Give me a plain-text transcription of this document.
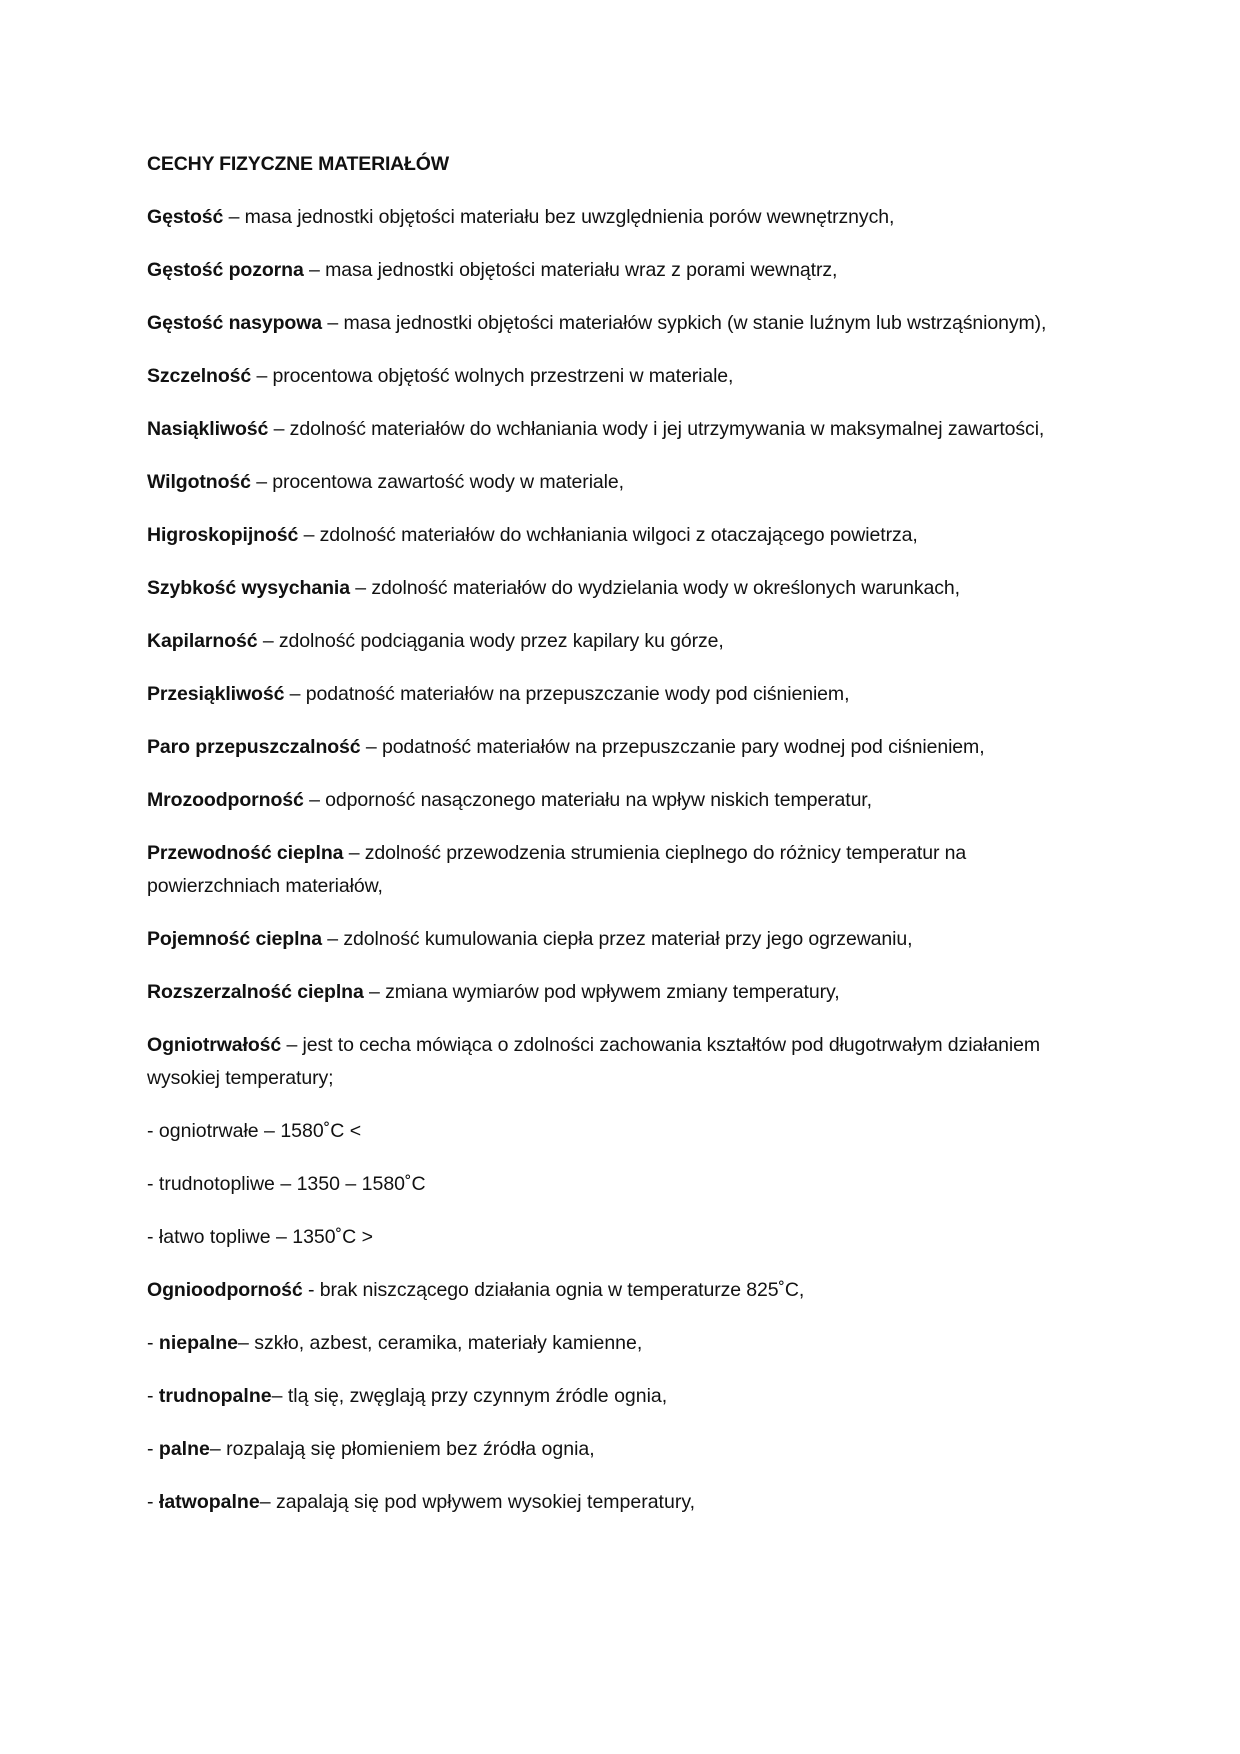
CECHY FIZYCZNE MATERIAŁÓW
Gęstość – masa jednostki objętości materiału bez uwzględnienia porów wewnętrznych,
Gęstość pozorna – masa jednostki objętości materiału wraz z porami wewnątrz,
Gęstość nasypowa – masa jednostki objętości materiałów sypkich (w stanie luźnym lub wstrząśnionym),
Szczelność – procentowa objętość wolnych przestrzeni w materiale,
Nasiąkliwość – zdolność materiałów do wchłaniania wody i jej utrzymywania w maksymalnej zawartości,
Wilgotność – procentowa zawartość wody w materiale,
Higroskopijność – zdolność materiałów do wchłaniania wilgoci z otaczającego powietrza,
Szybkość wysychania – zdolność materiałów do wydzielania wody w określonych warunkach,
Kapilarność – zdolność podciągania wody przez kapilary ku górze,
Przesiąkliwość – podatność materiałów na przepuszczanie wody pod ciśnieniem,
Paro przepuszczalność – podatność materiałów na przepuszczanie pary wodnej pod ciśnieniem,
Mrozoodporność – odporność nasączonego materiału na wpływ niskich temperatur,
Przewodność cieplna – zdolność przewodzenia strumienia cieplnego do różnicy temperatur na powierzchniach materiałów,
Pojemność cieplna – zdolność kumulowania ciepła przez materiał przy jego ogrzewaniu,
Rozszerzalność cieplna – zmiana wymiarów pod wpływem zmiany temperatury,
Ogniotrwałość – jest to cecha mówiąca o zdolności zachowania kształtów pod długotrwałym działaniem wysokiej temperatury;
- ogniotrwałe – 1580˚C <
- trudnotopliwe – 1350 – 1580˚C
- łatwo topliwe – 1350˚C >
Ognioodporność - brak niszczącego działania ognia w temperaturze 825˚C,
- niepalne– szkło, azbest, ceramika, materiały kamienne,
- trudnopalne– tlą się, zwęglają przy czynnym źródle ognia,
- palne– rozpalają się płomieniem bez źródła ognia,
- łatwopalne– zapalają się pod wpływem wysokiej temperatury,
